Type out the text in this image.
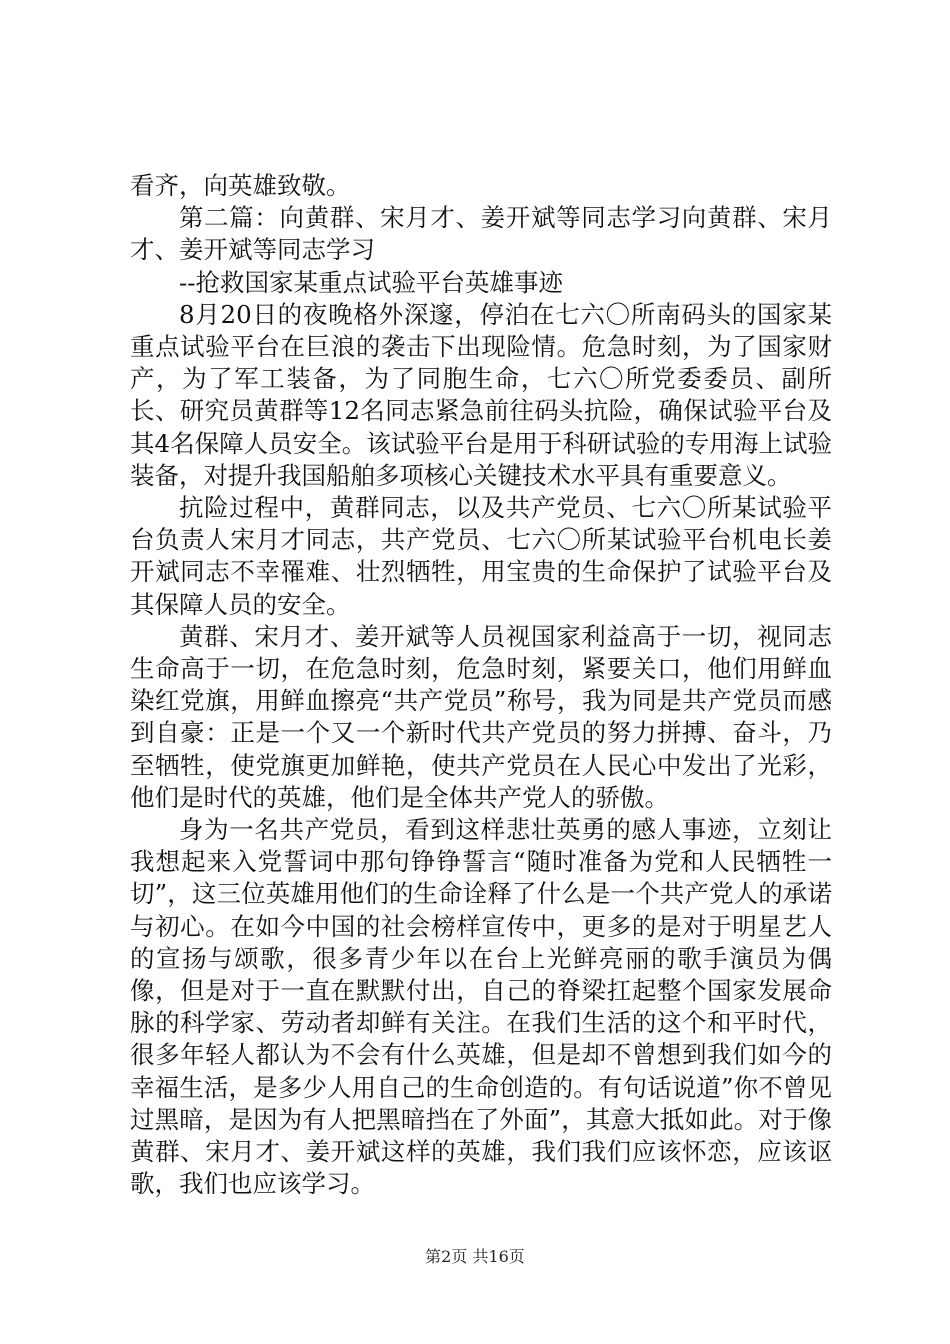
看齐，向英雄致敬。

第二篇：向黄群、宋月才、姜开斌等同志学习向黄群、宋月才、姜开斌等同志学习

--抢救国家某重点试验平台英雄事迹

8月20日的夜晚格外深邃，停泊在七六〇所南码头的国家某重点试验平台在巨浪的袭击下出现险情。危急时刻，为了国家财产，为了军工装备，为了同胞生命，七六〇所党委委员、副所长、研究员黄群等12名同志紧急前往码头抗险，确保试验平台及其4名保障人员安全。该试验平台是用于科研试验的专用海上试验装备，对提升我国船舶多项核心关键技术水平具有重要意义。

抗险过程中，黄群同志，以及共产党员、七六〇所某试验平台负责人宋月才同志，共产党员、七六〇所某试验平台机电长姜开斌同志不幸罹难、壮烈牺牲，用宝贵的生命保护了试验平台及其保障人员的安全。

黄群、宋月才、姜开斌等人员视国家利益高于一切，视同志生命高于一切，在危急时刻，危急时刻，紧要关口，他们用鲜血染红党旗，用鲜血擦亮“共产党员”称号，我为同是共产党员而感到自豪：正是一个又一个新时代共产党员的努力拼搏、奋斗，乃至牺牲，使党旗更加鲜艳，使共产党员在人民心中发出了光彩，他们是时代的英雄，他们是全体共产党人的骄傲。

身为一名共产党员，看到这样悲壮英勇的感人事迹，立刻让我想起来入党誓词中那句铮铮誓言“随时准备为党和人民牺牲一切”，这三位英雄用他们的生命诠释了什么是一个共产党人的承诺与初心。在如今中国的社会榜样宣传中，更多的是对于明星艺人的宣扬与颂歌，很多青少年以在台上光鲜亮丽的歌手演员为偶像，但是对于一直在默默付出，自己的脊梁扛起整个国家发展命脉的科学家、劳动者却鲜有关注。在我们生活的这个和平时代，很多年轻人都认为不会有什么英雄，但是却不曾想到我们如今的幸福生活，是多少人用自己的生命创造的。有句话说道”你不曾见过黑暗，是因为有人把黑暗挡在了外面”，其意大抵如此。对于像黄群、宋月才、姜开斌这样的英雄，我们我们应该怀恋，应该讴歌，我们也应该学习。

第2页 共16页
